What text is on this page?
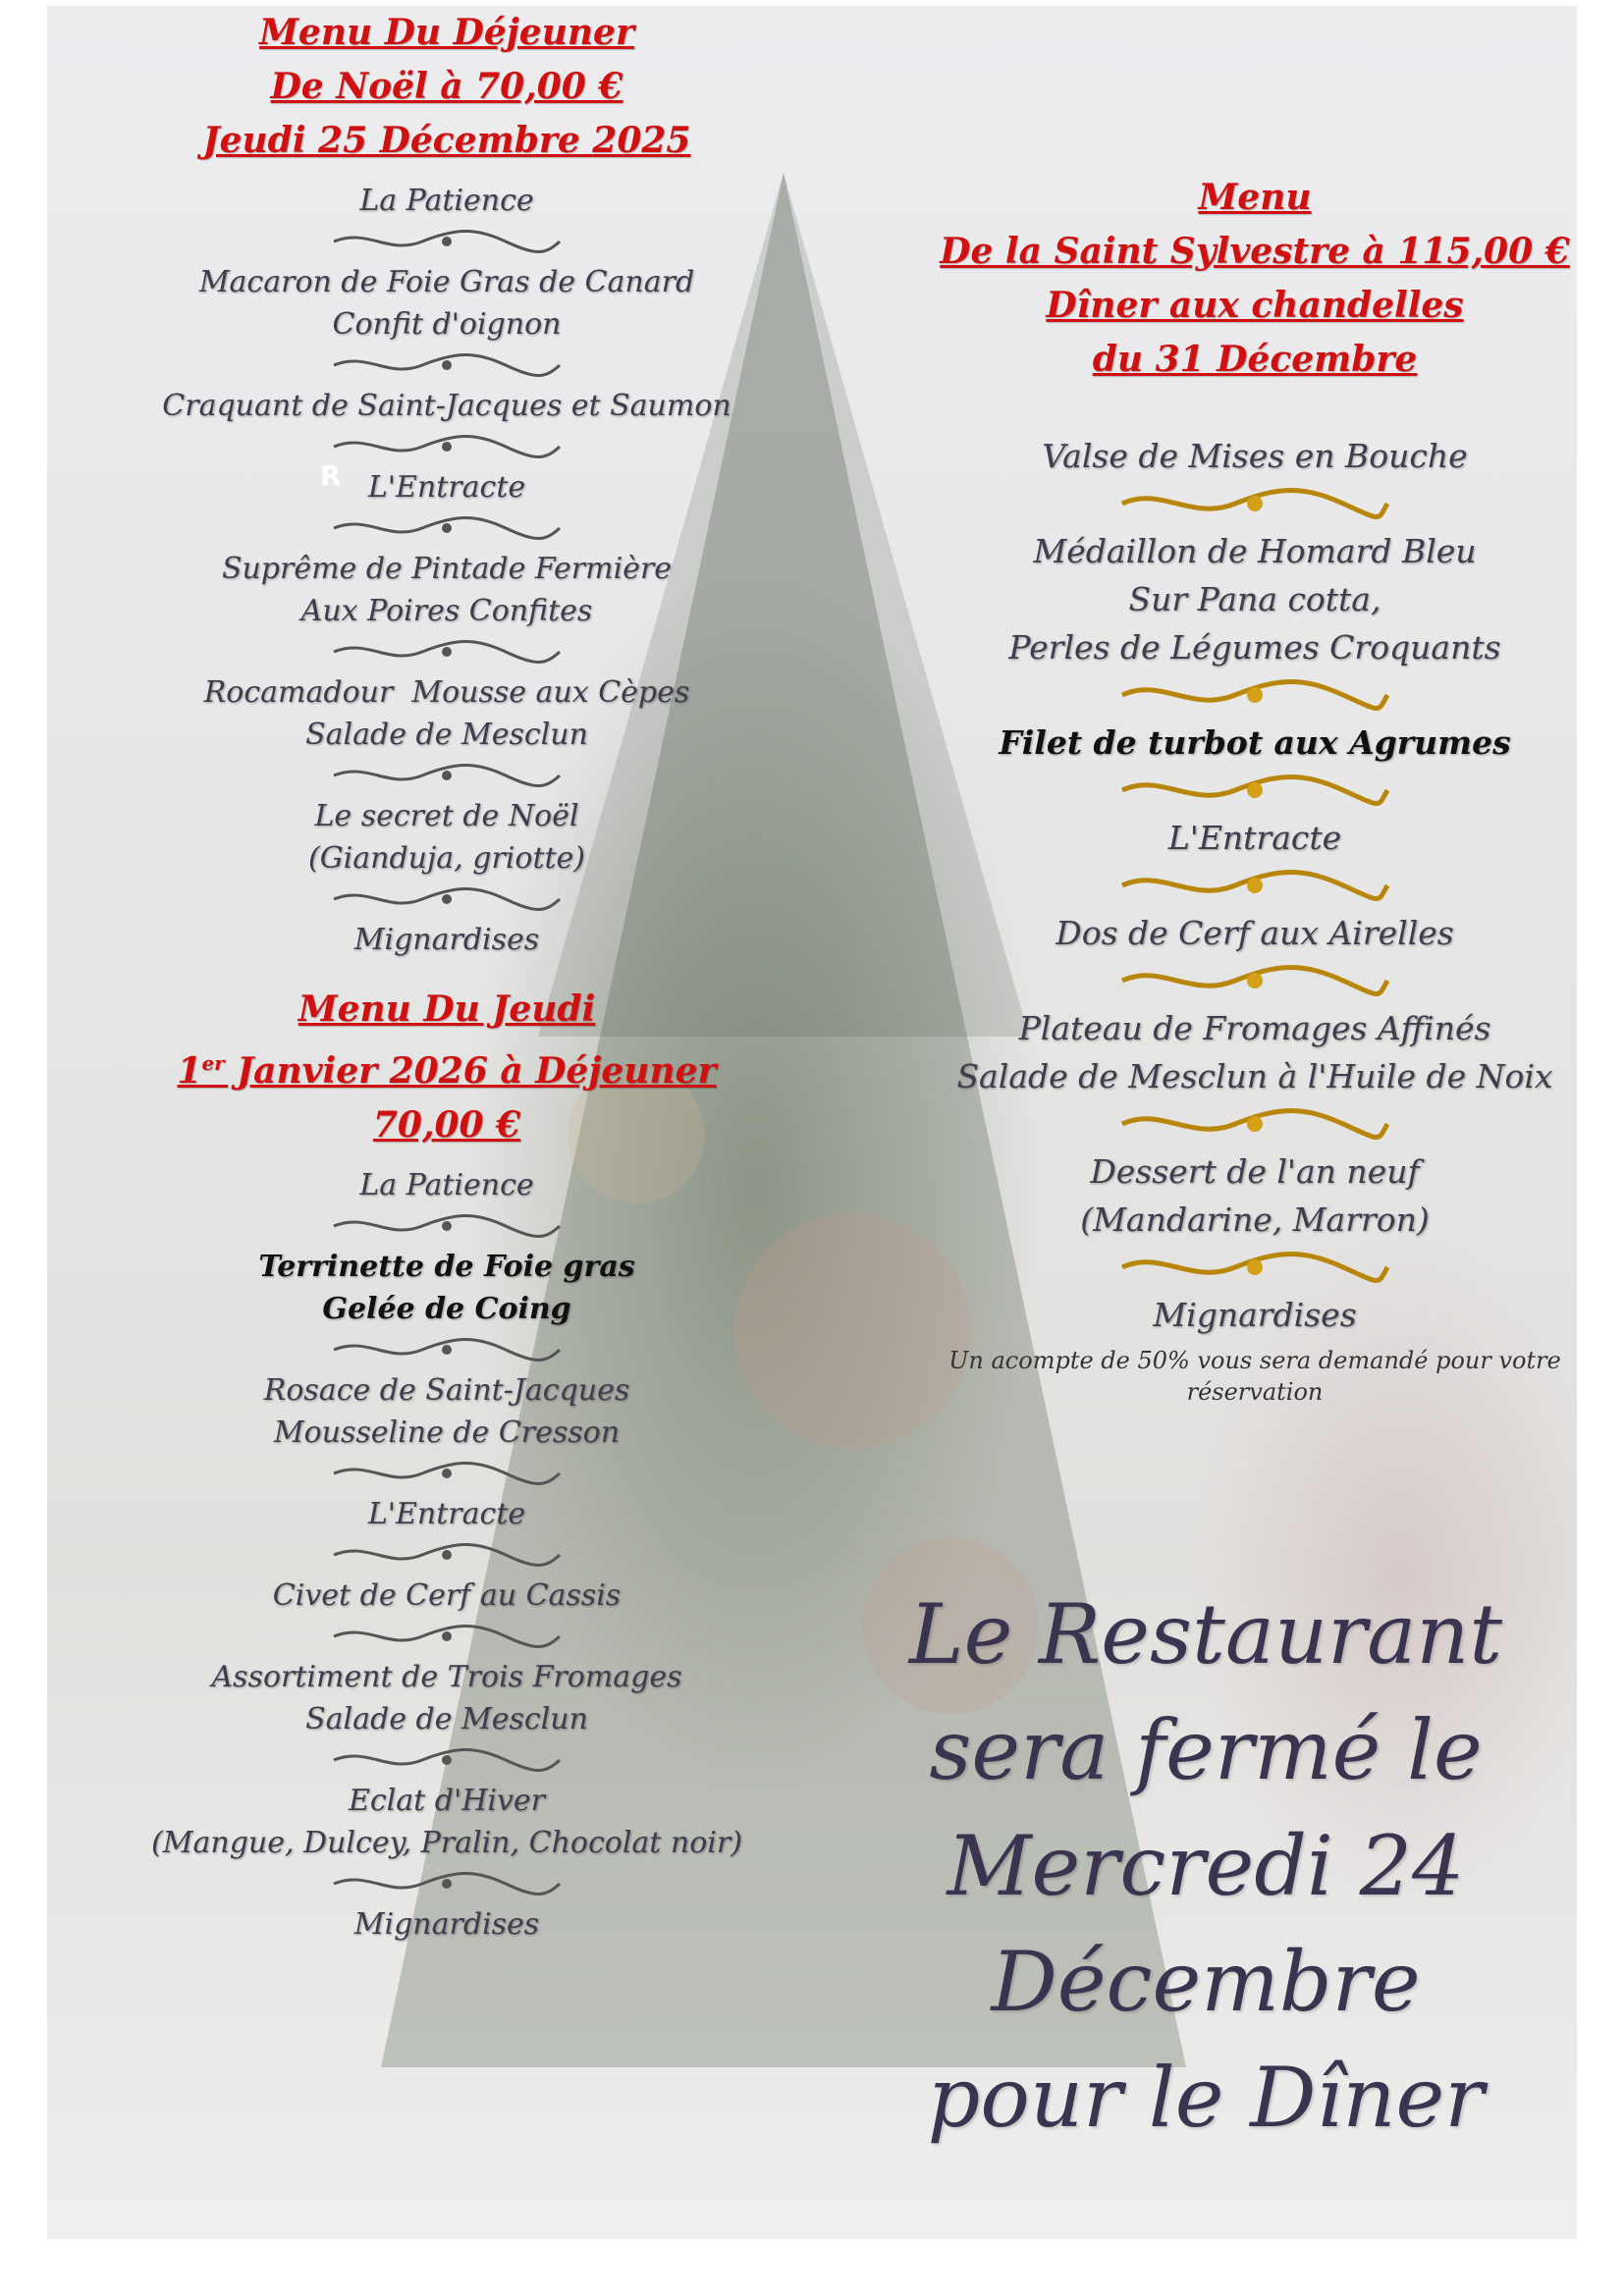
R
Menu Du Déjeuner
De Noël à 70,00 €
Jeudi 25 Décembre 2025
La Patience
Macaron de Foie Gras de Canard
Confit d'oignon
Craquant de Saint-Jacques et Saumon
L'Entracte
Suprême de Pintade Fermière
Aux Poires Confites
Rocamadour  Mousse aux Cèpes
Salade de Mesclun
Le secret de Noël
(Gianduja, griotte)
Mignardises
Menu Du Jeudi
1er Janvier 2026 à Déjeuner
70,00 €
La Patience
Terrinette de Foie gras
Gelée de Coing
Rosace de Saint-Jacques
Mousseline de Cresson
L'Entracte
Civet de Cerf au Cassis
Assortiment de Trois Fromages
Salade de Mesclun
Eclat d'Hiver
(Mangue, Dulcey, Pralin, Chocolat noir)
Mignardises
Menu
De la Saint Sylvestre à 115,00 €
Dîner aux chandelles
du 31 Décembre
Valse de Mises en Bouche
Médaillon de Homard Bleu
Sur Pana cotta,
Perles de Légumes Croquants
Filet de turbot aux Agrumes
L'Entracte
Dos de Cerf aux Airelles
Plateau de Fromages Affinés
Salade de Mesclun à l'Huile de Noix
Dessert de l'an neuf
(Mandarine, Marron)
Mignardises
Un acompte de 50% vous sera demandé pour votre réservation
Le Restaurant
sera fermé le
Mercredi 24 Décembre
pour le Dîner
